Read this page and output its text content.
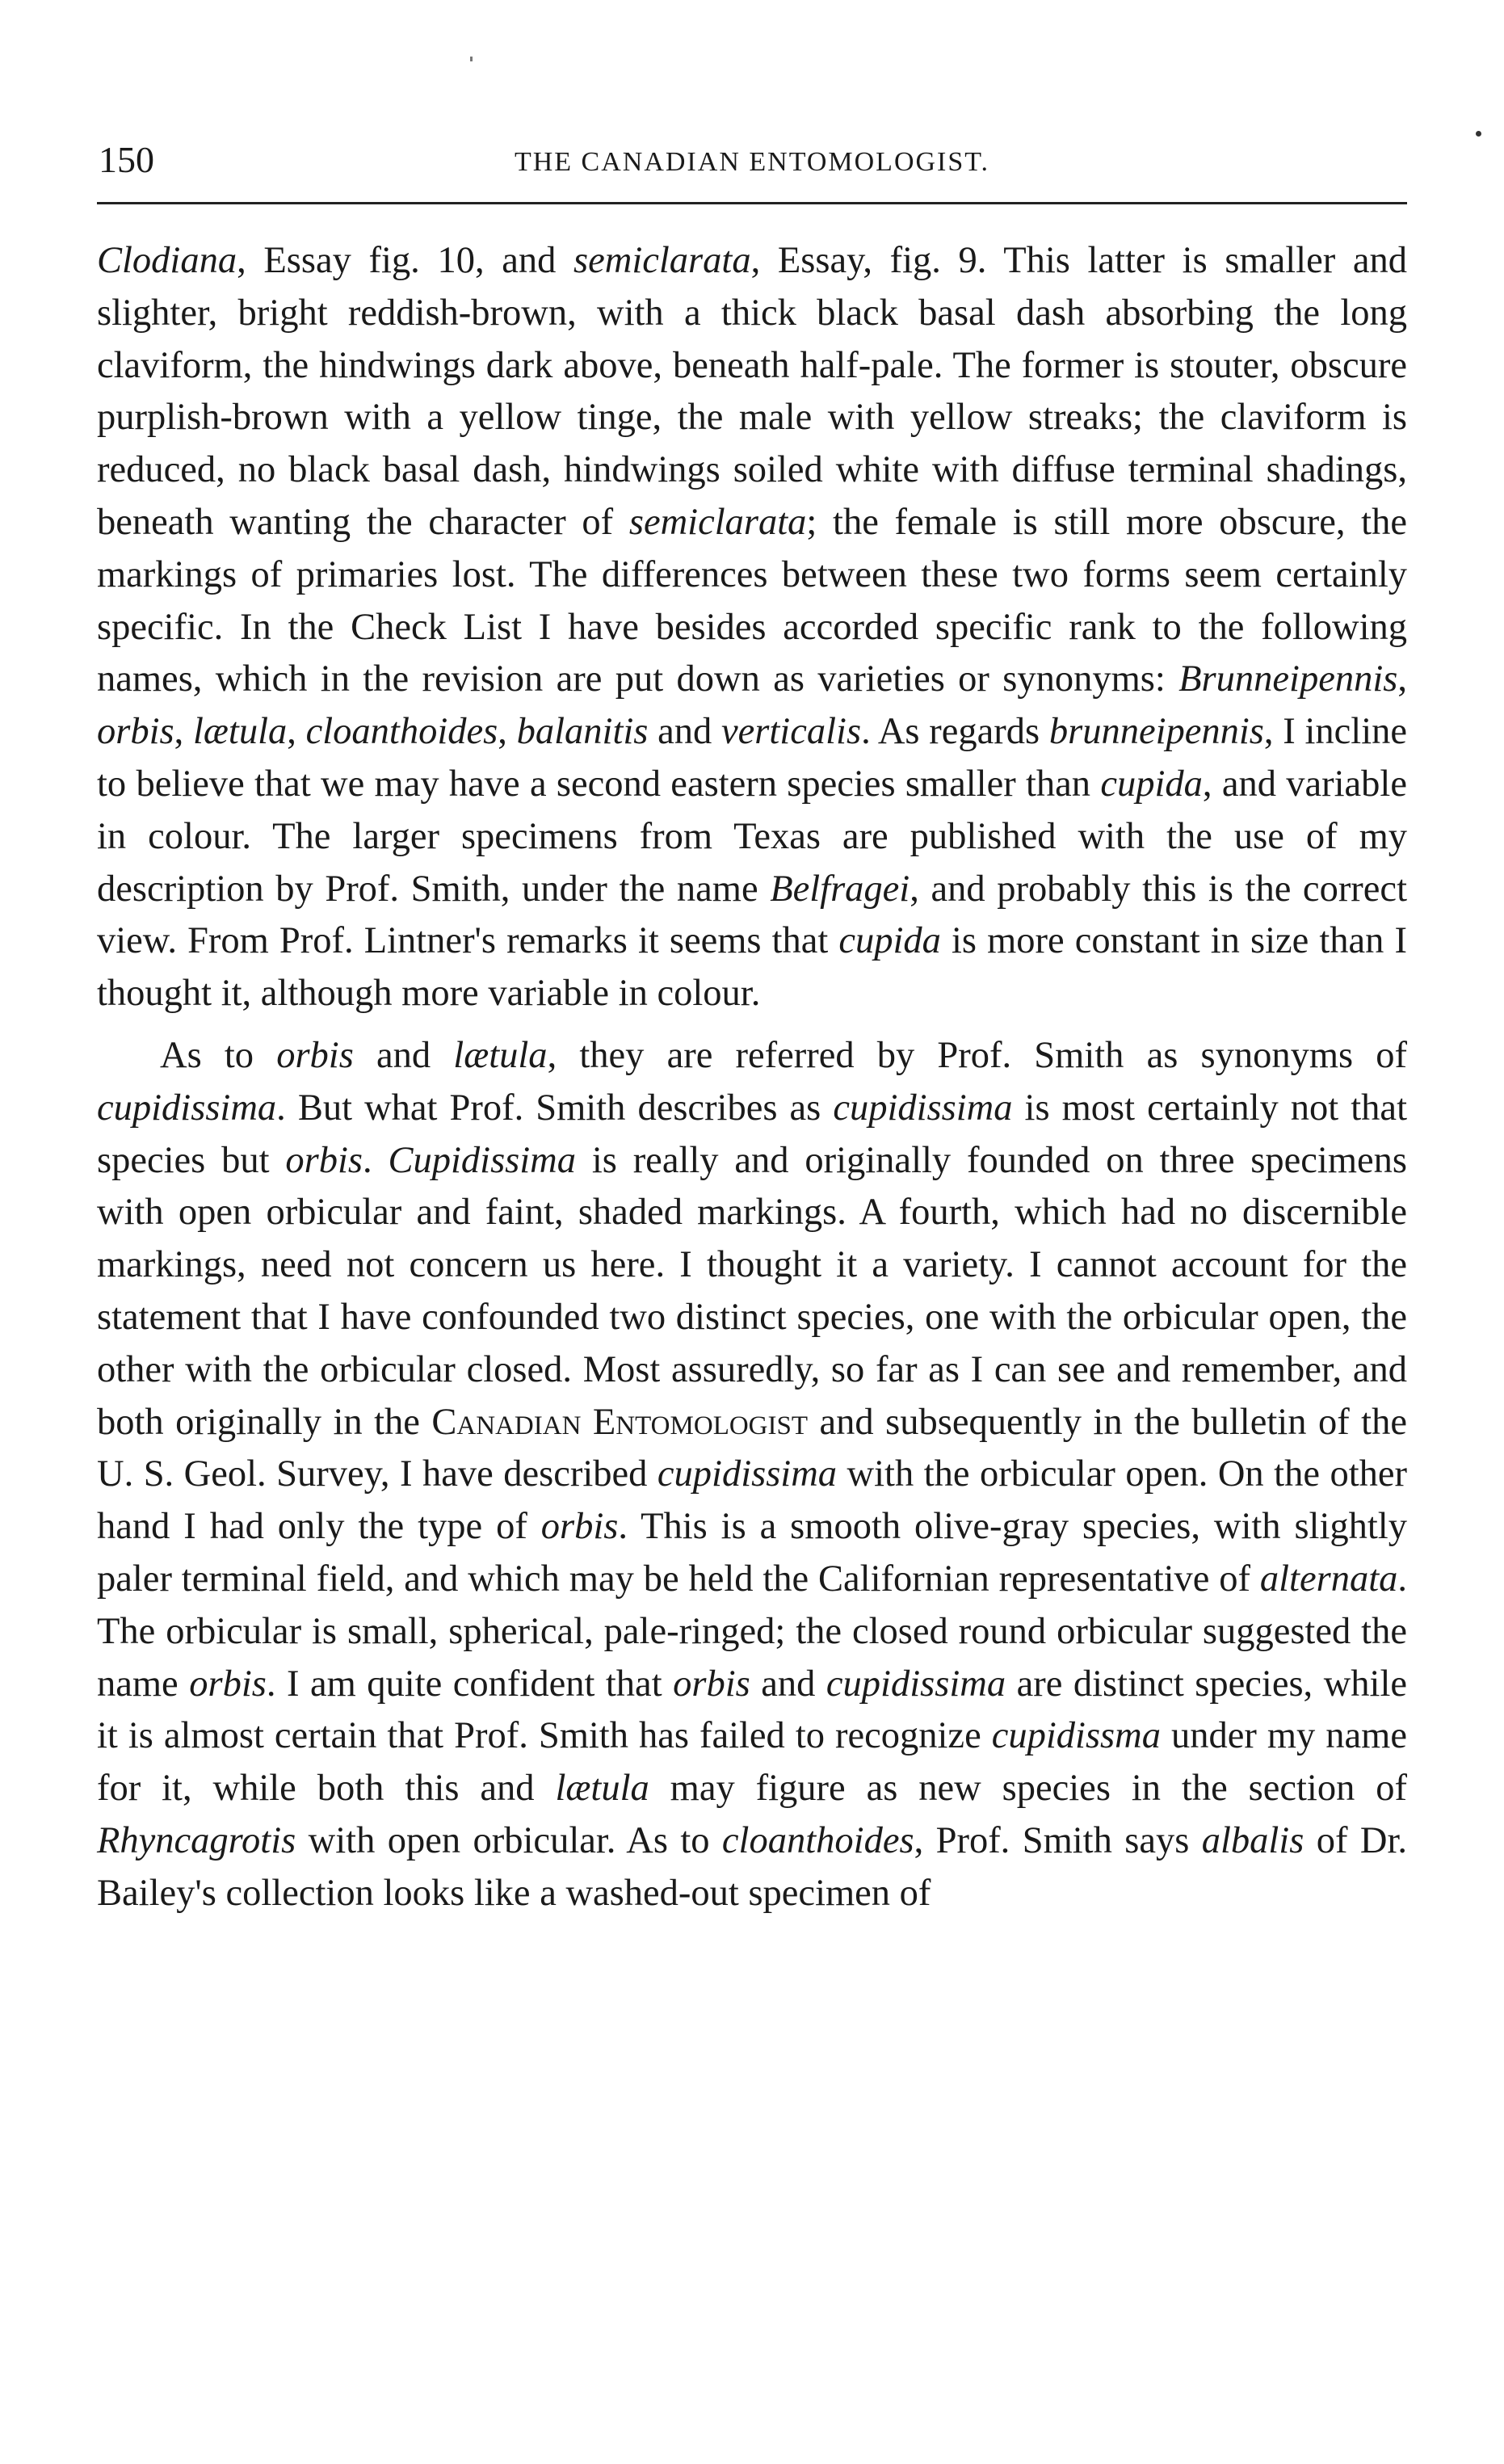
150	THE CANADIAN ENTOMOLOGIST.

Clodiana, Essay fig. 10, and semiclarata, Essay, fig. 9. This latter is smaller and slighter, bright reddish-brown, with a thick black basal dash absorbing the long claviform, the hindwings dark above, beneath half-pale. The former is stouter, obscure purplish-brown with a yellow tinge, the male with yellow streaks; the claviform is reduced, no black basal dash, hindwings soiled white with diffuse terminal shadings, beneath wanting the character of semiclarata; the female is still more obscure, the markings of primaries lost. The differences between these two forms seem certainly specific. In the Check List I have besides accorded specific rank to the following names, which in the revision are put down as varieties or synonyms: Brunneipennis, orbis, lætula, cloanthoides, balanitis and verticalis. As regards brunneipennis, I incline to believe that we may have a second eastern species smaller than cupida, and variable in colour. The larger specimens from Texas are published with the use of my description by Prof. Smith, under the name Belfragei, and probably this is the correct view. From Prof. Lintner's remarks it seems that cupida is more constant in size than I thought it, although more variable in colour.

As to orbis and lætula, they are referred by Prof. Smith as synonyms of cupidissima. But what Prof. Smith describes as cupidissima is most certainly not that species but orbis. Cupidissima is really and originally founded on three specimens with open orbicular and faint, shaded markings. A fourth, which had no discernible markings, need not concern us here. I thought it a variety. I cannot account for the statement that I have confounded two distinct species, one with the orbicular open, the other with the orbicular closed. Most assuredly, so far as I can see and remember, and both originally in the Canadian Entomologist and subsequently in the bulletin of the U. S. Geol. Survey, I have described cupidissima with the orbicular open. On the other hand I had only the type of orbis. This is a smooth olive-gray species, with slightly paler terminal field, and which may be held the Californian representative of alternata. The orbicular is small, spherical, pale-ringed; the closed round orbicular suggested the name orbis. I am quite confident that orbis and cupidissima are distinct species, while it is almost certain that Prof. Smith has failed to recognize cupidissma under my name for it, while both this and lætula may figure as new species in the section of Rhyncagrotis with open orbicular. As to cloanthoides, Prof. Smith says albalis of Dr. Bailey's collection looks like a washed-out specimen of
